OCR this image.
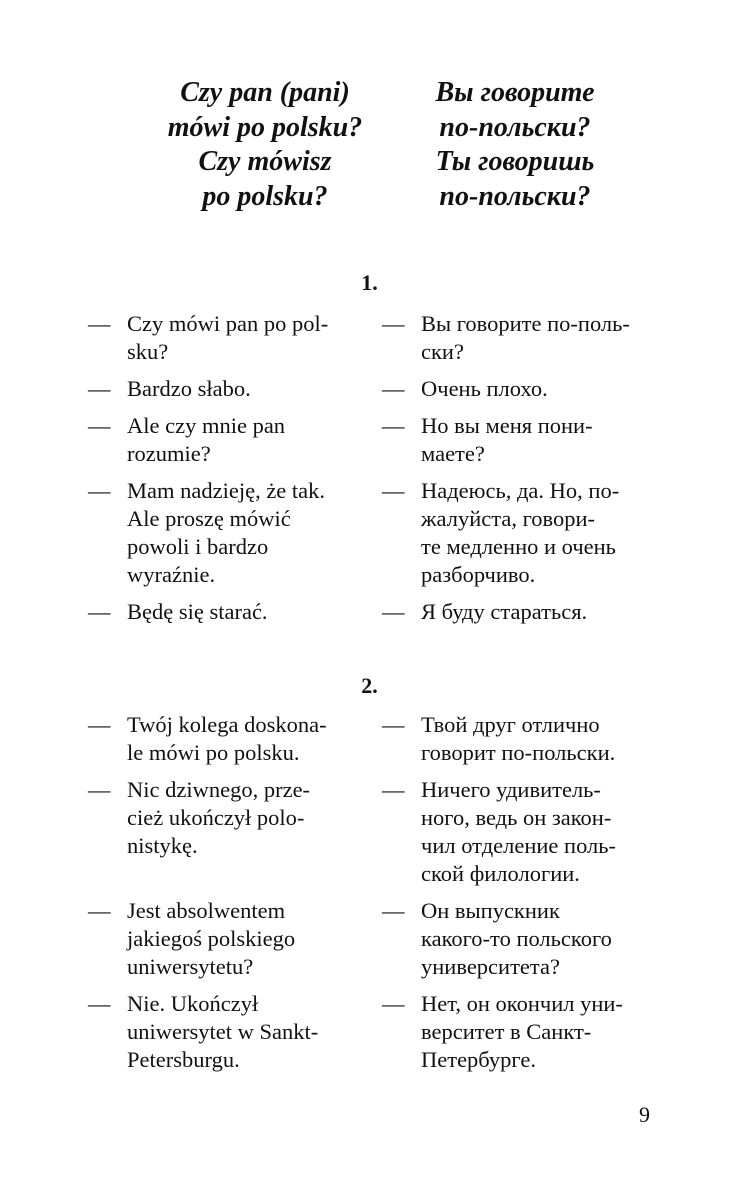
Czy pan (pani)
mówi po polsku?
Czy mówisz
po polsku?
Вы говорите
по-польски?
Ты говоришь
по-польски?
1.
— Czy mówi pan po pol-
sku?
— Вы говорите по-поль-
ски?
— Bardzo słabo.	— Очень плохо.
— Ale czy mnie pan
rozumie?
— Но вы меня пони-
маете?
— Mam nadzieję, że tak.
Ale proszę mówić
powoli i bardzo
wyraźnie.
— Надеюсь, да. Но, по-
жалуйста, говори-
те медленно и очень
разборчиво.
— Będę się starać.	— Я буду стараться.
2.
— Twój kolega doskona-
le mówi po polsku.
— Твой друг отлично
говорит по-польски.
— Nic dziwnego, prze-
cież ukończył polo-
nistykę.
— Ничего удивитель-
ного, ведь он закон-
чил отделение поль-
ской филологии.
— Jest absolwentem
jakiegoś polskiego
uniwersytetu?
— Он выпускник
какого-то польского
университета?
— Nie. Ukończył
uniwersytet w Sankt-
Petersburgu.
— Нет, он окончил уни-
верситет в Санкт-
Петербурге.
9
